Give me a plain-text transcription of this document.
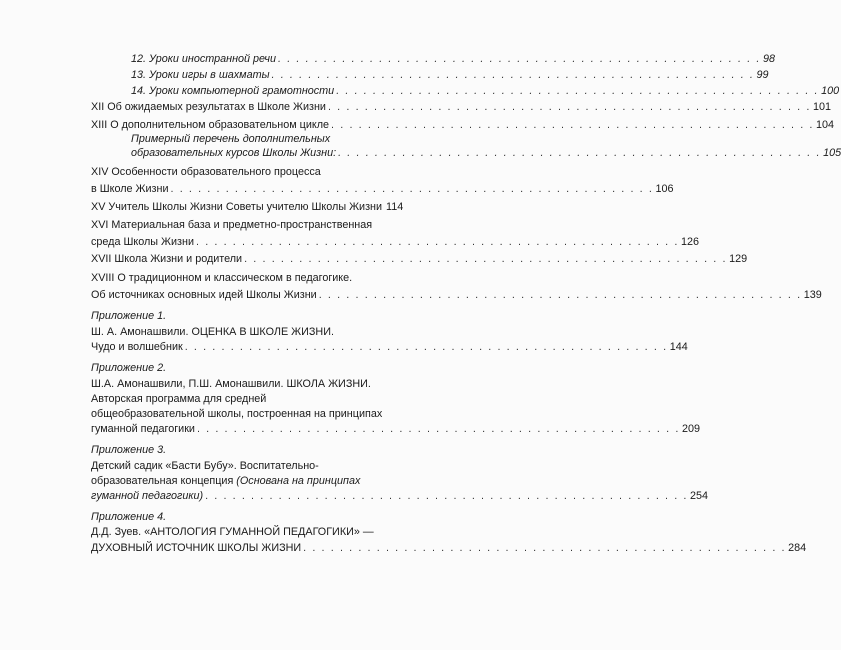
12. Уроки иностранной речи . . . . . . . . . . . . . . . . . . . . . . . . . . . . . . . . . . . . . . . . . . . . . . . . . . . . . 98
13. Уроки игры в шахматы . . . . . . . . . . . . . . . . . . . . . . . . . . . . . . . . . . . . . . . . . . . . . . . . . . . . . 99
14. Уроки компьютерной грамотности . . . . . . . . . . . . . . . . . . . . . . . . . . . . . . . . . . . . . . . . . . . . . . . . . . . . . 100
XII Об ожидаемых результатах в Школе Жизни . . . . . . . . . . . . . . . . . . . . . . . . . . . . . . . . . . . . . . . . . . . . . . . . . . . . . 101
XIII О дополнительном образовательном цикле . . . . . . . . . . . . . . . . . . . . . . . . . . . . . . . . . . . . . . . . . . . . . . . . . . . . . 104
Примерный перечень дополнительных
образовательных курсов Школы Жизни: . . . . . . . . . . . . . . . . . . . . . . . . . . . . . . . . . . . . . . . . . . . . . . . . . . . . . 105
XIV Особенности образовательного процесса
в Школе Жизни . . . . . . . . . . . . . . . . . . . . . . . . . . . . . . . . . . . . . . . . . . . . . . . . . . . . . 106
XV Учитель Школы Жизни Советы учителю Школы Жизни 114
XVI Материальная база и предметно-пространственная
среда Школы Жизни . . . . . . . . . . . . . . . . . . . . . . . . . . . . . . . . . . . . . . . . . . . . . . . . . . . . . 126
XVII Школа Жизни и родители . . . . . . . . . . . . . . . . . . . . . . . . . . . . . . . . . . . . . . . . . . . . . . . . . . . . . 129
XVIII О традиционном и классическом в педагогике.
Об источниках основных идей Школы Жизни . . . . . . . . . . . . . . . . . . . . . . . . . . . . . . . . . . . . . . . . . . . . . . . . . . . . . 139
Приложение 1.
Ш. А. Амонашвили. ОЦЕНКА В ШКОЛЕ ЖИЗНИ.
Чудо и волшебник . . . . . . . . . . . . . . . . . . . . . . . . . . . . . . . . . . . . . . . . . . . . . . . . . . . . . 144
Приложение 2.
Ш.А. Амонашвили, П.Ш. Амонашвили. ШКОЛА ЖИЗНИ.
Авторская программа для средней
общеобразовательной школы, построенная на принципах
гуманной педагогики . . . . . . . . . . . . . . . . . . . . . . . . . . . . . . . . . . . . . . . . . . . . . . . . . . . . . 209
Приложение 3.
Детский садик «Басти Бубу». Воспитательно-
образовательная концепция (Основана на принципах
гуманной педагогики) . . . . . . . . . . . . . . . . . . . . . . . . . . . . . . . . . . . . . . . . . . . . . . . . . . . . . 254
Приложение 4.
Д.Д. Зуев. «АНТОЛОГИЯ ГУМАННОЙ ПЕДАГОГИКИ» —
ДУХОВНЫЙ ИСТОЧНИК ШКОЛЫ ЖИЗНИ . . . . . . . . . . . . . . . . . . . . . . . . . . . . . . . . . . . . . . . . . . . . . . . . . . . . . 284
